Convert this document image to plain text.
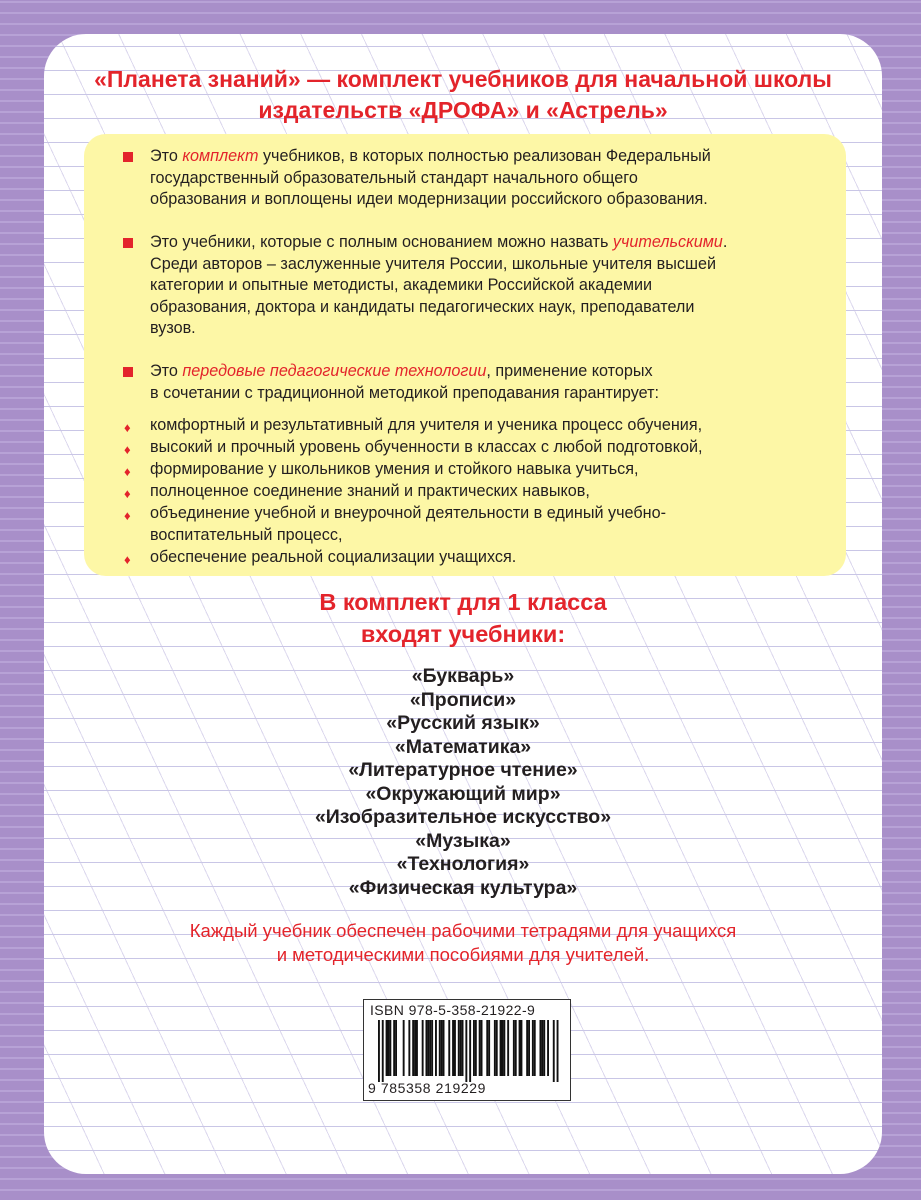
«Планета знаний» — комплект учебников для начальной школы
издательств «ДРОФА» и «Астрель»
Это комплект учебников, в которых полностью реализован Федеральный
государственный образовательный стандарт начального общего
образования и воплощены идеи модернизации российского образования.
Это учебники, которые с полным основанием можно назвать учительскими.
Среди авторов – заслуженные учителя России, школьные учителя высшей
категории и опытные методисты, академики Российской академии
образования, доктора и кандидаты педагогических наук, преподаватели
вузов.
Это передовые педагогические технологии, применение которых
в сочетании с традиционной методикой преподавания гарантирует:
♦ комфортный и результативный для учителя и ученика процесс обучения,
♦ высокий и прочный уровень обученности в классах с любой подготовкой,
♦ формирование у школьников умения и стойкого навыка учиться,
♦ полноценное соединение знаний и практических навыков,
♦ объединение учебной и внеурочной деятельности в единый учебно-
воспитательный процесс,
♦ обеспечение реальной социализации учащихся.
В комплект для 1 класса
входят учебники:
«Букварь»
«Прописи»
«Русский язык»
«Математика»
«Литературное чтение»
«Окружающий мир»
«Изобразительное искусство»
«Музыка»
«Технология»
«Физическая культура»
Каждый учебник обеспечен рабочими тетрадями для учащихся
и методическими пособиями для учителей.
ISBN 978-5-358-21922-9
9 785358 219229
